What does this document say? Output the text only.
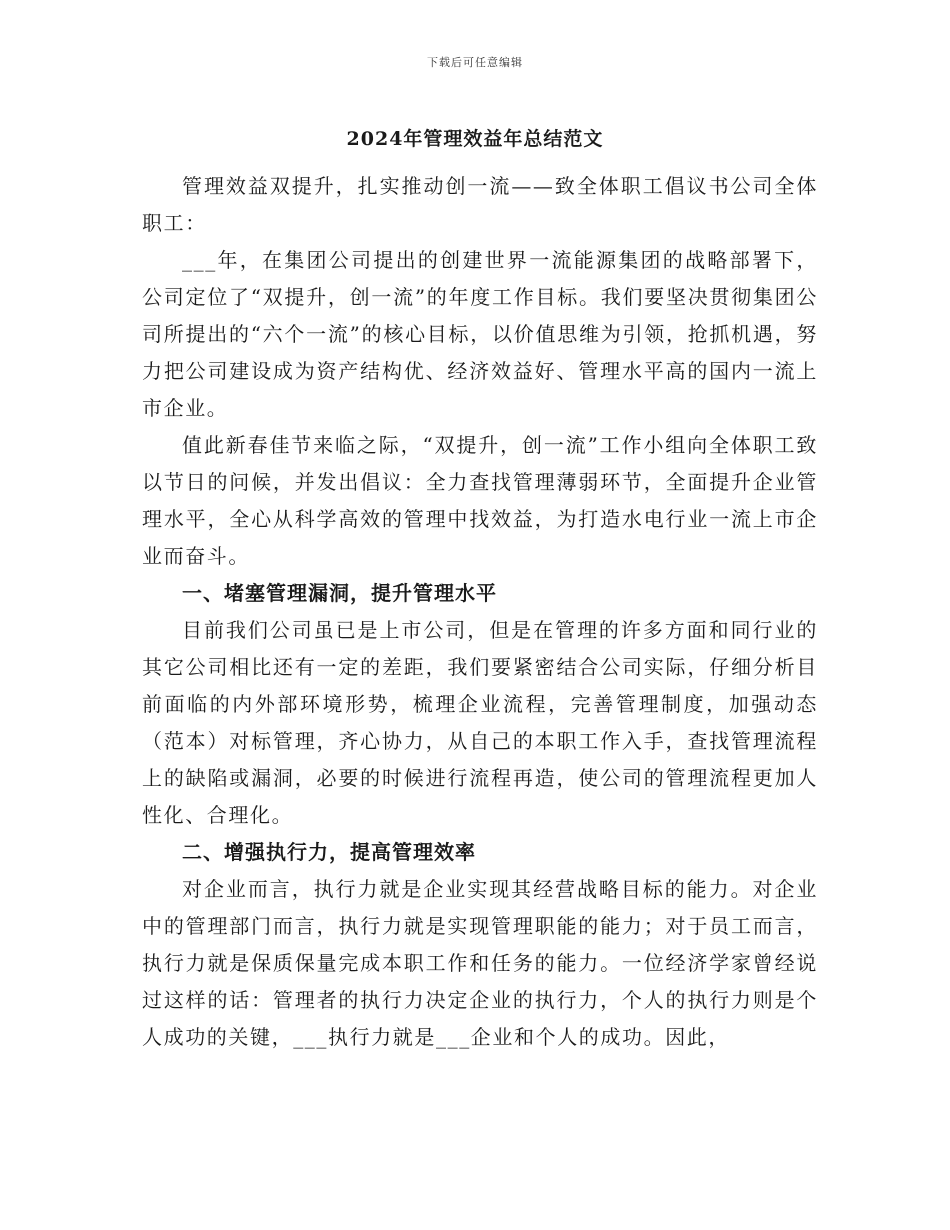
下载后可任意编辑
2024年管理效益年总结范文

管理效益双提升，扎实推动创一流——致全体职工倡议书公司全体职工：

___年，在集团公司提出的创建世界一流能源集团的战略部署下，公司定位了“双提升，创一流”的年度工作目标。我们要坚决贯彻集团公司所提出的“六个一流”的核心目标，以价值思维为引领，抢抓机遇，努力把公司建设成为资产结构优、经济效益好、管理水平高的国内一流上市企业。

值此新春佳节来临之际，“双提升，创一流”工作小组向全体职工致以节日的问候，并发出倡议：全力查找管理薄弱环节，全面提升企业管理水平，全心从科学高效的管理中找效益，为打造水电行业一流上市企业而奋斗。

一、堵塞管理漏洞，提升管理水平

目前我们公司虽已是上市公司，但是在管理的许多方面和同行业的其它公司相比还有一定的差距，我们要紧密结合公司实际，仔细分析目前面临的内外部环境形势，梳理企业流程，完善管理制度，加强动态（范本）对标管理，齐心协力，从自己的本职工作入手，查找管理流程上的缺陷或漏洞，必要的时候进行流程再造，使公司的管理流程更加人性化、合理化。

二、增强执行力，提高管理效率

对企业而言，执行力就是企业实现其经营战略目标的能力。对企业中的管理部门而言，执行力就是实现管理职能的能力；对于员工而言，执行力就是保质保量完成本职工作和任务的能力。一位经济学家曾经说过这样的话：管理者的执行力决定企业的执行力，个人的执行力则是个人成功的关键，___执行力就是___企业和个人的成功。因此，
